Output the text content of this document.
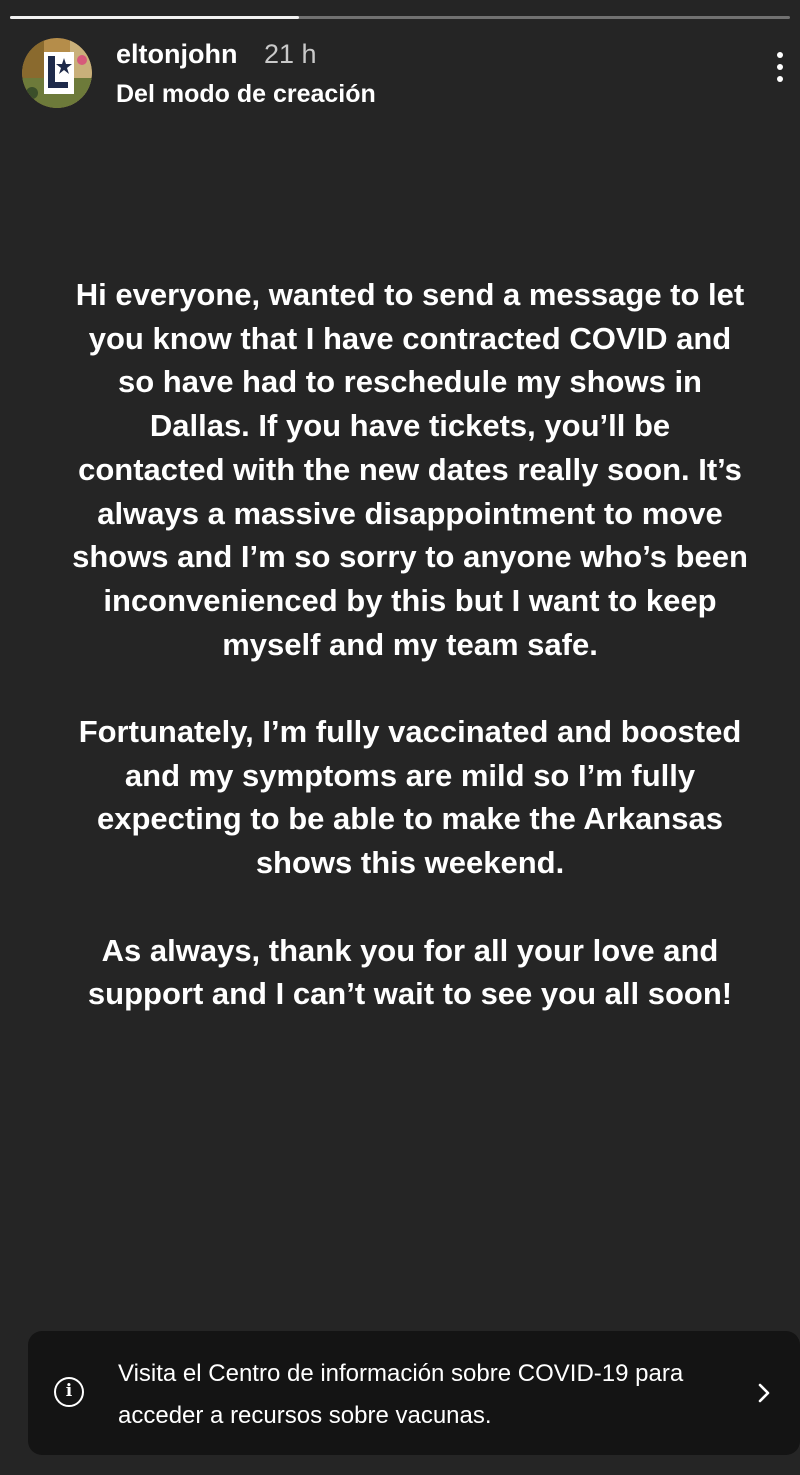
eltonjohn 21 h
Del modo de creación

Hi everyone, wanted to send a message to let
you know that I have contracted COVID and
so have had to reschedule my shows in
Dallas. If you have tickets, you’ll be
contacted with the new dates really soon. It’s
always a massive disappointment to move
shows and I’m so sorry to anyone who’s been
inconvenienced by this but I want to keep
myself and my team safe.

Fortunately, I’m fully vaccinated and boosted
and my symptoms are mild so I’m fully
expecting to be able to make the Arkansas
shows this weekend.

As always, thank you for all your love and
support and I can’t wait to see you all soon!

i
Visita el Centro de información sobre COVID-19 para
acceder a recursos sobre vacunas.
